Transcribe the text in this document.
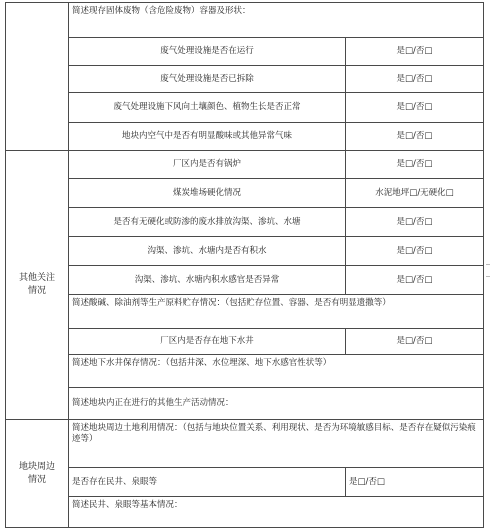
简述现存固体废物（含危险废物）容器及形状：
废气处理设施是否在运行	是□/否□
废气处理设施是否已拆除	是□/否□
废气处理设施下风向土壤颜色、植物生长是否正常	是□/否□
地块内空气中是否有明显酸味或其他异常气味	是□/否□
其他关注
情况
厂区内是否有锅炉	是□/否□
煤炭堆场硬化情况	水泥地坪□/无硬化□
是否有无硬化或防渗的废水排放沟渠、渗坑、水塘	是□/否□
沟渠、渗坑、水塘内是否有积水	是□/否□
沟渠、渗坑、水塘内积水感官是否异常	是□/否□
简述酸碱、除油剂等生产原料贮存情况：（包括贮存位置、容器、是否有明显遗撒等）
厂区内是否存在地下水井	是□/否□
简述地下水井保存情况：（包括井深、水位埋深、地下水感官性状等）
简述地块内正在进行的其他生产活动情况：
地块周边
情况
简述地块周边土地利用情况：（包括与地块位置关系、利用现状、是否为环境敏感目标、是否存在疑似污染痕迹等）
是否存在民井、泉眼等	是□/否□
简述民井、泉眼等基本情况：
